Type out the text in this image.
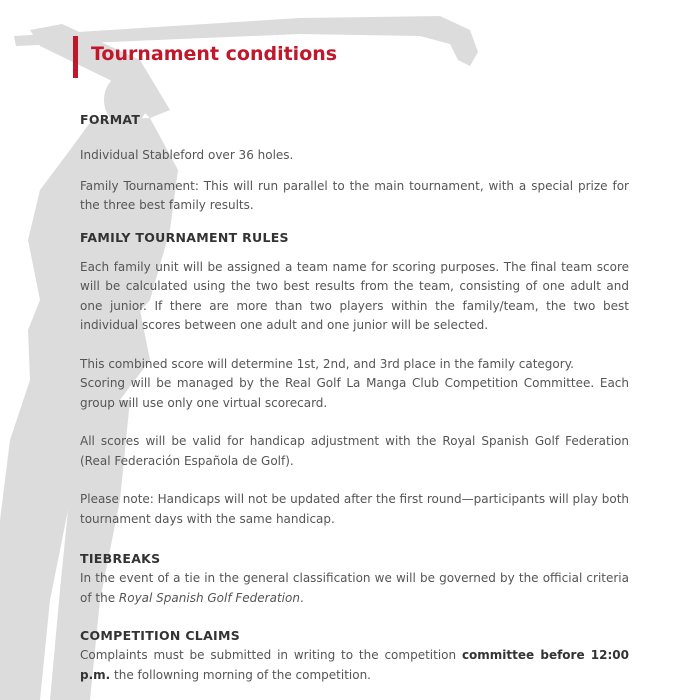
Tournament conditions
FORMAT

Individual Stableford over 36 holes.

Family Tournament: This will run parallel to the main tournament, with a special prize for the three best family results.

FAMILY TOURNAMENT RULES

Each family unit will be assigned a team name for scoring purposes. The final team score will be calculated using the two best results from the team, consisting of one adult and one junior. If there are more than two players within the family/team, the two best individual scores between one adult and one junior will be selected.

This combined score will determine 1st, 2nd, and 3rd place in the family category.

Scoring will be managed by the Real Golf La Manga Club Competition Committee. Each group will use only one virtual scorecard.

All scores will be valid for handicap adjustment with the Royal Spanish Golf Federation (Real Federación Española de Golf).

Please note: Handicaps will not be updated after the first round—participants will play both tournament days with the same handicap.

TIEBREAKS

In the event of a tie in the general classification we will be governed by the official criteria of the Royal Spanish Golf Federation.

COMPETITION CLAIMS

Complaints must be submitted in writing to the competition committee before 12:00 p.m. the followning morning of the competition.
